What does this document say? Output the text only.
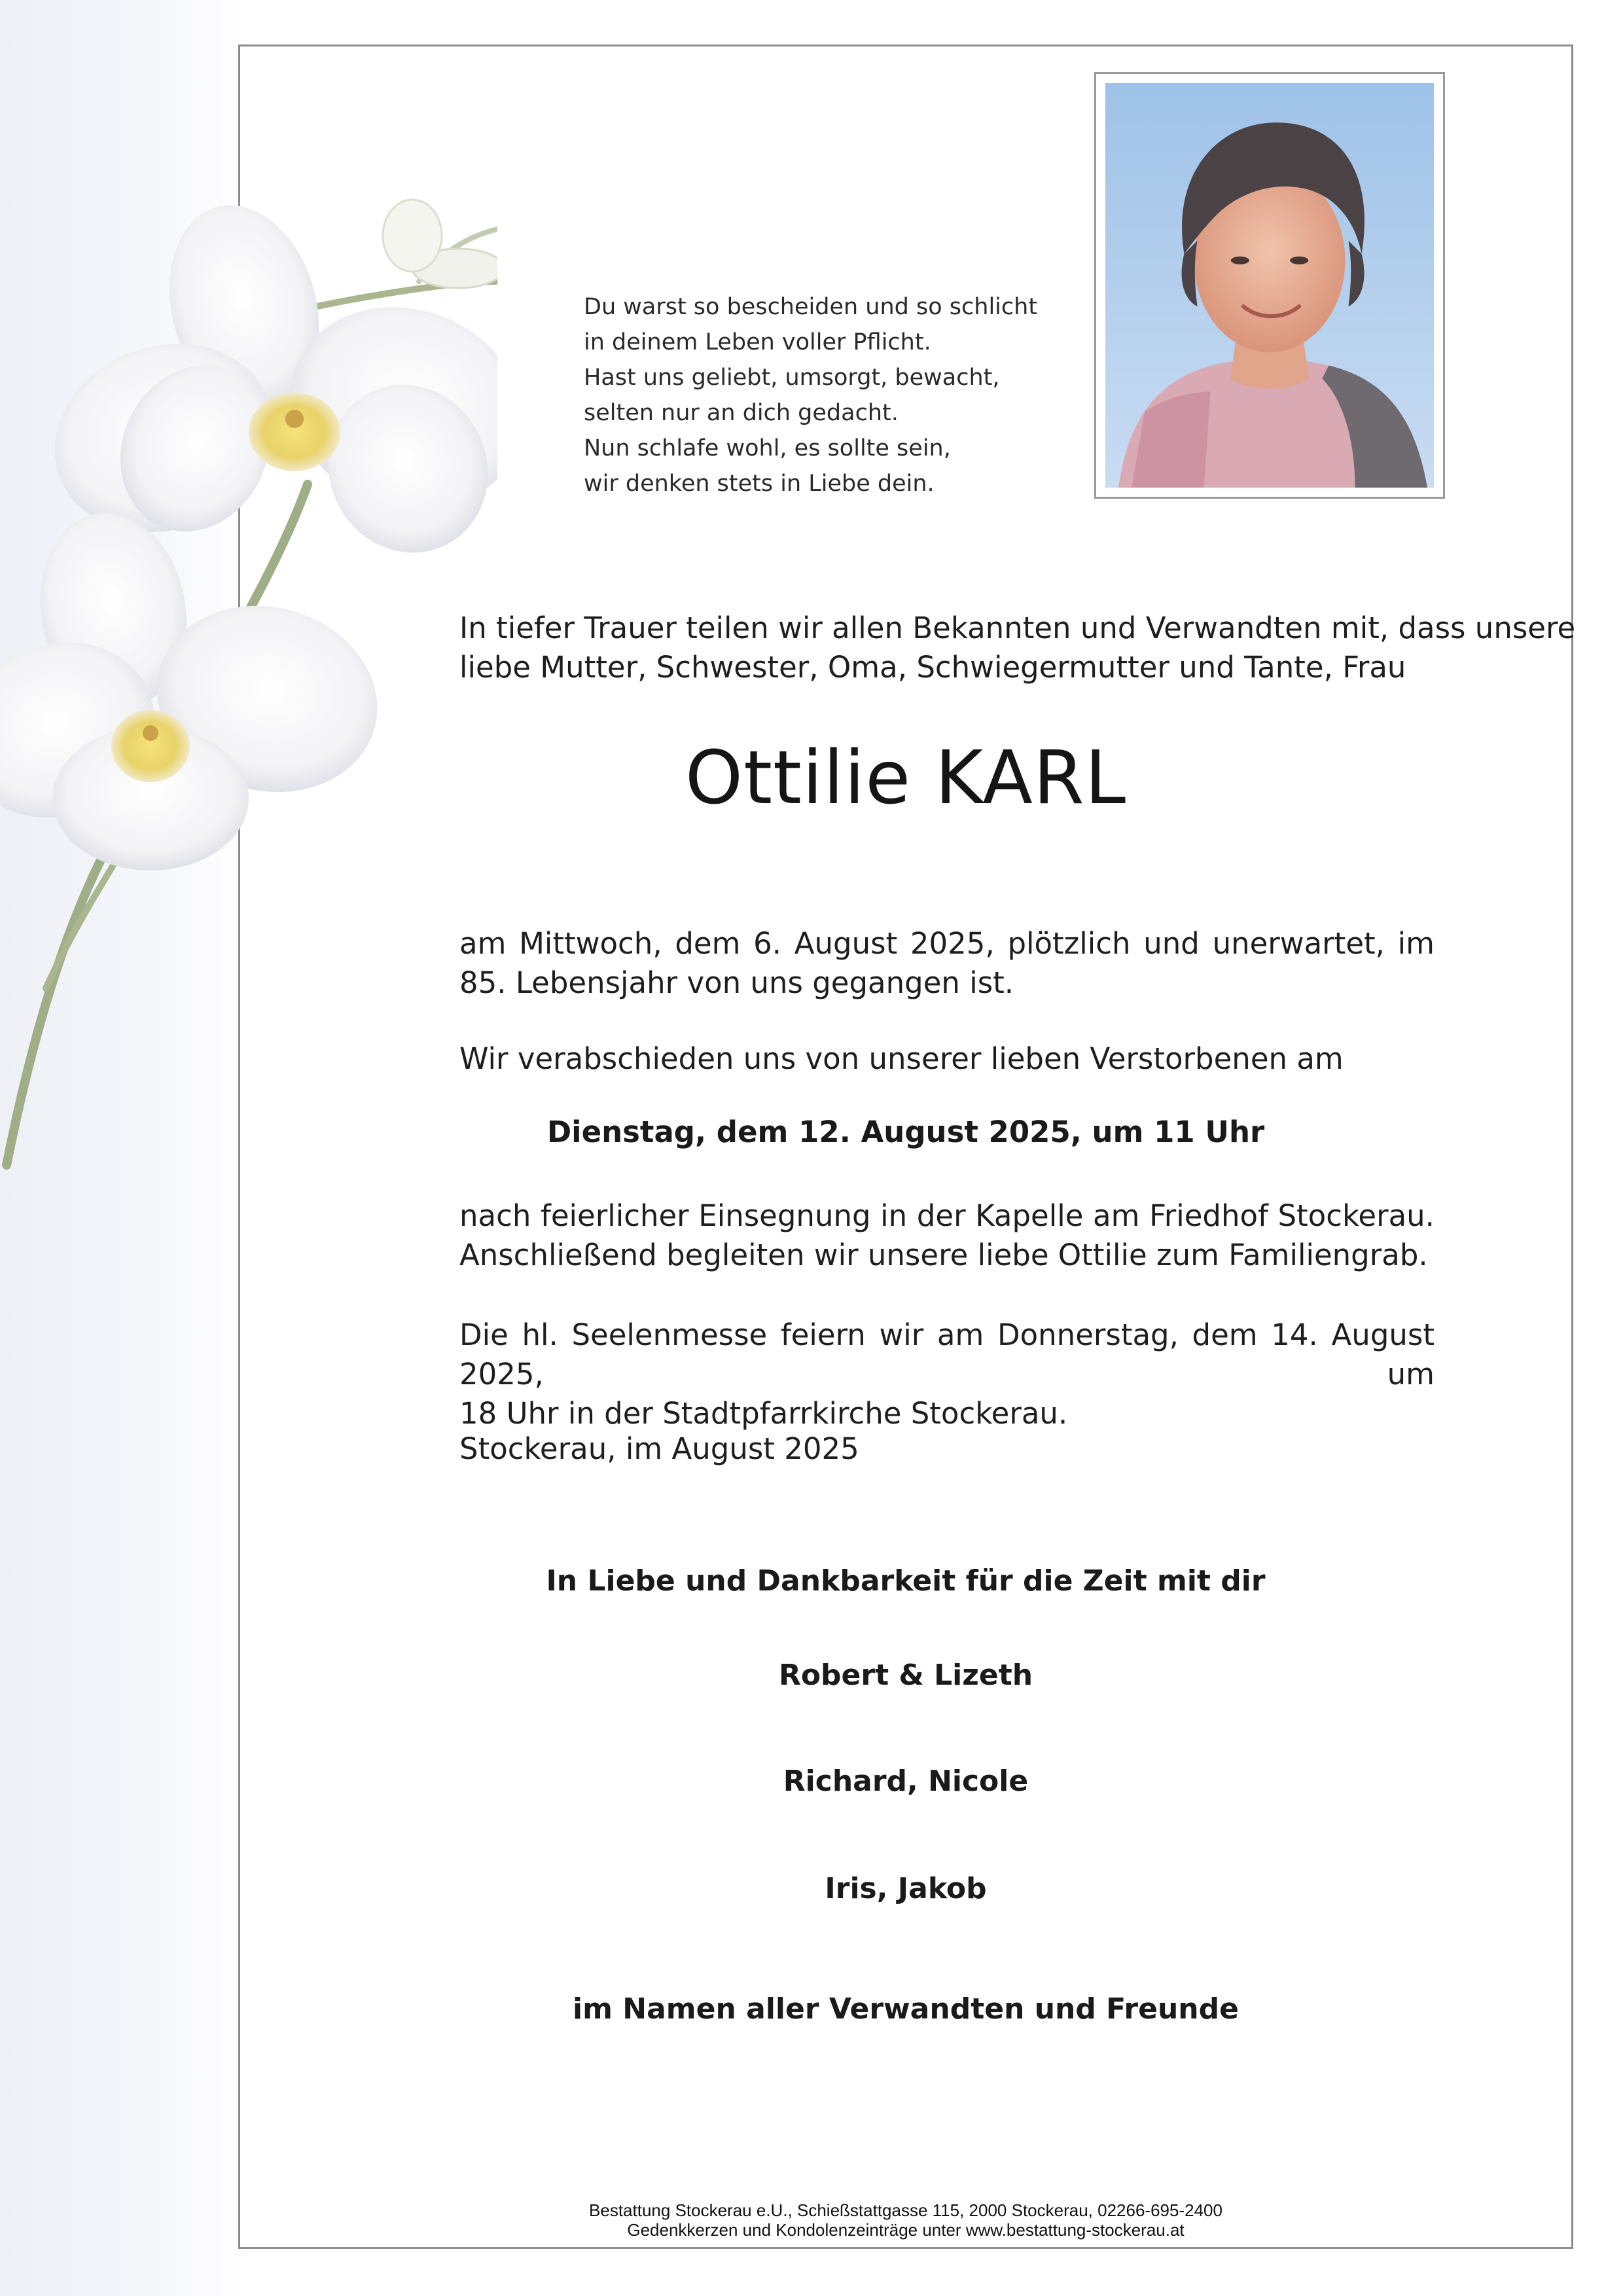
Du warst so bescheiden und so schlicht
in deinem Leben voller Pflicht.
Hast uns geliebt, umsorgt, bewacht,
selten nur an dich gedacht.
Nun schlafe wohl, es sollte sein,
wir denken stets in Liebe dein.
In tiefer Trauer teilen wir allen Bekannten und Verwandten mit, dass unsere
liebe Mutter, Schwester, Oma, Schwiegermutter und Tante, Frau
Ottilie KARL
am Mittwoch, dem 6. August 2025, plötzlich und unerwartet, im
85. Lebensjahr von uns gegangen ist.
Wir verabschieden uns von unserer lieben Verstorbenen am
Dienstag, dem 12. August 2025, um 11 Uhr
nach feierlicher Einsegnung in der Kapelle am Friedhof Stockerau.
Anschließend begleiten wir unsere liebe Ottilie zum Familiengrab.
Die hl. Seelenmesse feiern wir am Donnerstag, dem 14. August 2025, um
18 Uhr in der Stadtpfarrkirche Stockerau.
Stockerau, im August 2025
In Liebe und Dankbarkeit für die Zeit mit dir
Robert & Lizeth
Richard, Nicole
Iris, Jakob
im Namen aller Verwandten und Freunde
Bestattung Stockerau e.U., Schießstattgasse 115, 2000 Stockerau, 02266-695-2400
Gedenkkerzen und Kondolenzeinträge unter www.bestattung-stockerau.at
